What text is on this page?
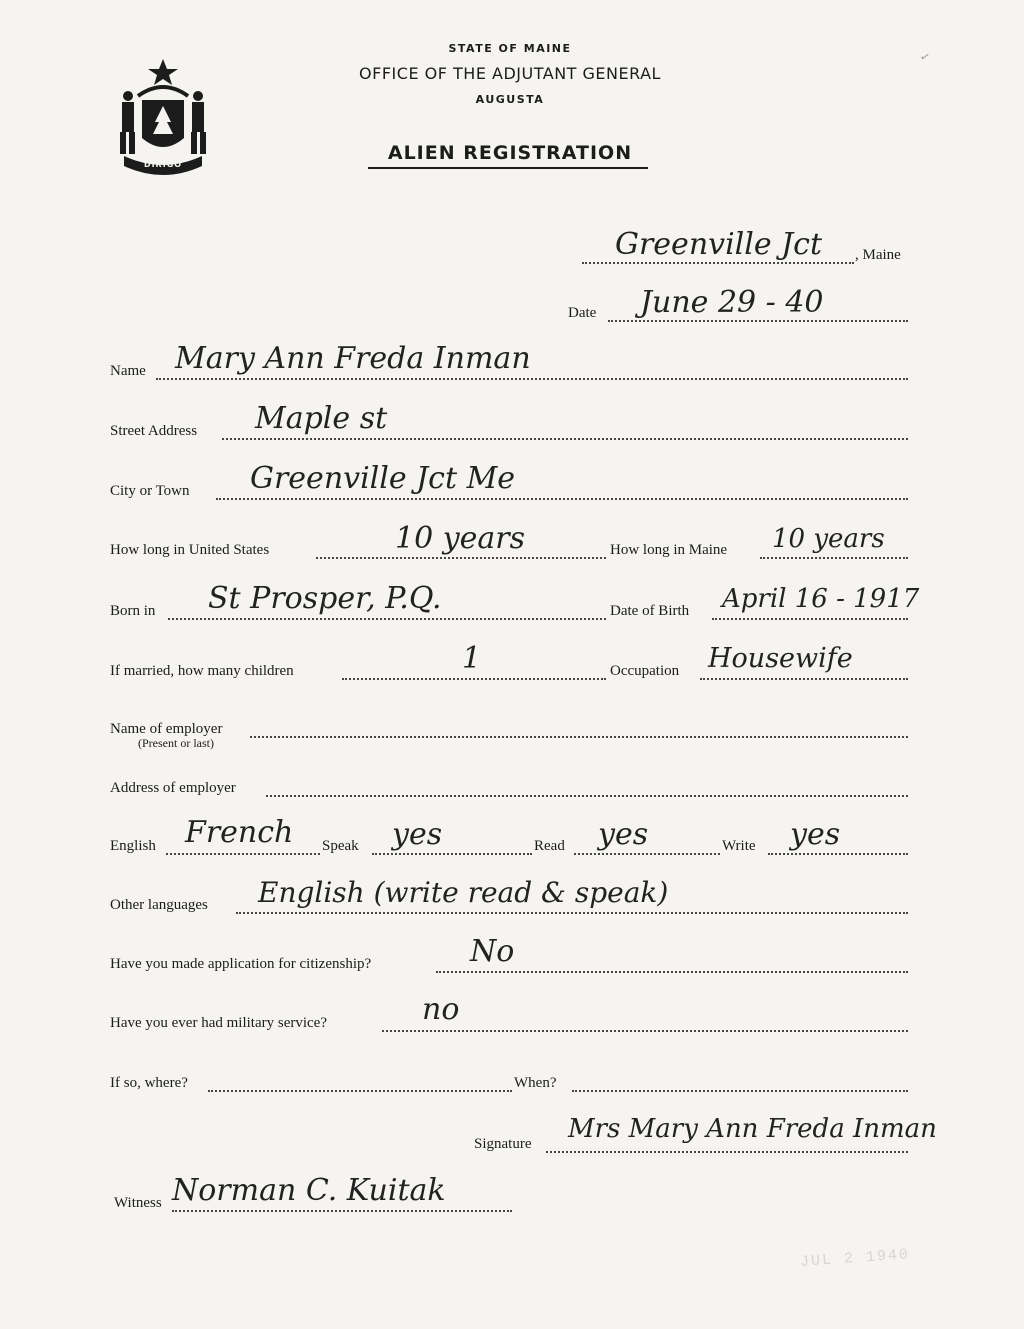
DIRIGO
STATE OF MAINE
OFFICE OF THE ADJUTANT GENERAL
AUGUSTA
ALIEN REGISTRATION
✓
Greenville Jct , Maine
Date June 29 - 40
Name Mary Ann Freda Inman
Street Address Maple st
City or Town Greenville Jct Me
How long in United States	10 years	How long in Maine 10 years
Born in St Prosper, P.Q.	Date of Birth April 16 - 1917
If married, how many children	1	Occupation Housewife
Name of employer
(Present or last)
Address of employer
English French Speak yes	Read yes	Write yes
Other languages English (write read & speak)
Have you made application for citizenship?	No
Have you ever had military service?	no
If so, where?	When?
Signature Mrs Mary Ann Freda Inman
Witness Norman C. Kuitak
JUL 2 1940
